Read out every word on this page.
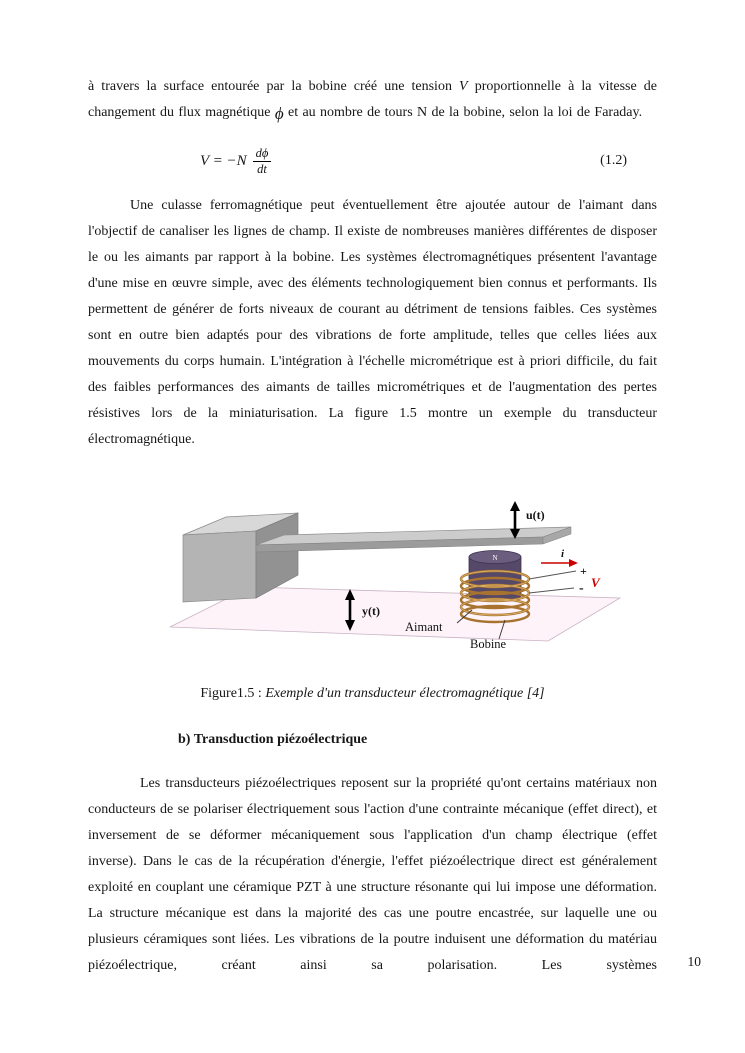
à travers la surface entourée par la bobine créé une tension V proportionnelle à la vitesse de changement du flux magnétique ϕ et au nombre de tours N de la bobine, selon la loi de Faraday.

$V = -N \frac{d\phi}{dt}$	(1.2)

Une culasse ferromagnétique peut éventuellement être ajoutée autour de l'aimant dans l'objectif de canaliser les lignes de champ. Il existe de nombreuses manières différentes de disposer le ou les aimants par rapport à la bobine. Les systèmes électromagnétiques présentent l'avantage d'une mise en œuvre simple, avec des éléments technologiquement bien connus et performants. Ils permettent de générer de forts niveaux de courant au détriment de tensions faibles. Ces systèmes sont en outre bien adaptés pour des vibrations de forte amplitude, telles que celles liées aux mouvements du corps humain. L'intégration à l'échelle micrométrique est à priori difficile, du fait des faibles performances des aimants de tailles micrométriques et de l'augmentation des pertes résistives lors de la miniaturisation. La figure 1.5 montre un exemple du transducteur électromagnétique.

N
u(t)
i
+
- V
y(t)
Aimant
Bobine

Figure1.5 : Exemple d'un transducteur électromagnétique [4]

b) Transduction piézoélectrique

Les transducteurs piézoélectriques reposent sur la propriété qu'ont certains matériaux non conducteurs de se polariser électriquement sous l'action d'une contrainte mécanique (effet direct), et inversement de se déformer mécaniquement sous l'application d'un champ électrique (effet inverse). Dans le cas de la récupération d'énergie, l'effet piézoélectrique direct est généralement exploité en couplant une céramique PZT à une structure résonante qui lui impose une déformation. La structure mécanique est dans la majorité des cas une poutre encastrée, sur laquelle une ou plusieurs céramiques sont liées. Les vibrations de la poutre induisent une déformation du matériau piézoélectrique, créant ainsi sa polarisation. Les systèmes 10
